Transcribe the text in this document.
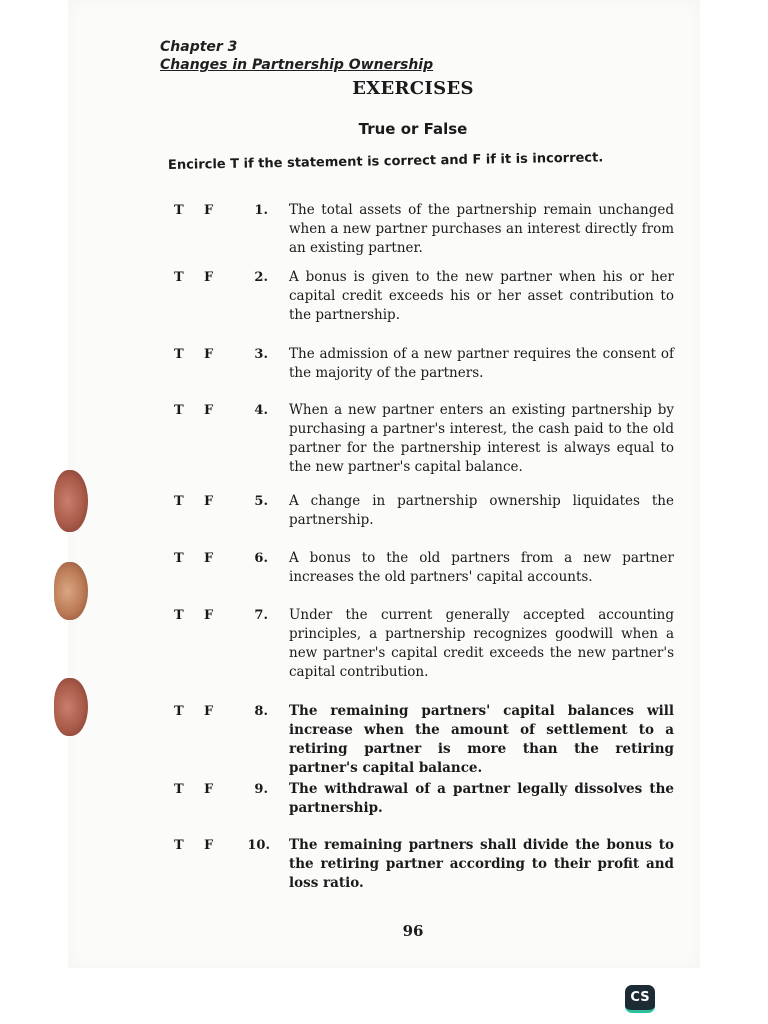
Chapter 3
Changes in Partnership Ownership
EXERCISES
True or False
Encircle T if the statement is correct and F if it is incorrect.
T F	1. The total assets of the partnership remain unchanged when a new partner purchases an interest directly from an existing partner.
T F	2. A bonus is given to the new partner when his or her capital credit exceeds his or her asset contribution to the partnership.
T F	3. The admission of a new partner requires the consent of the majority of the partners.
T F	4. When a new partner enters an existing partnership by purchasing a partner's interest, the cash paid to the old partner for the partnership interest is always equal to the new partner's capital balance.
T F	5. A change in partnership ownership liquidates the partnership.
T F	6. A bonus to the old partners from a new partner increases the old partners' capital accounts.
T F	7. Under the current generally accepted accounting principles, a partnership recognizes goodwill when a new partner's capital credit exceeds the new partner's capital contribution.
T F	8. The remaining partners' capital balances will increase when the amount of settlement to a retiring partner is more than the retiring partner's capital balance.
T F	9. The withdrawal of a partner legally dissolves the partnership.
T F	10. The remaining partners shall divide the bonus to the retiring partner according to their profit and loss ratio.
96
CS
